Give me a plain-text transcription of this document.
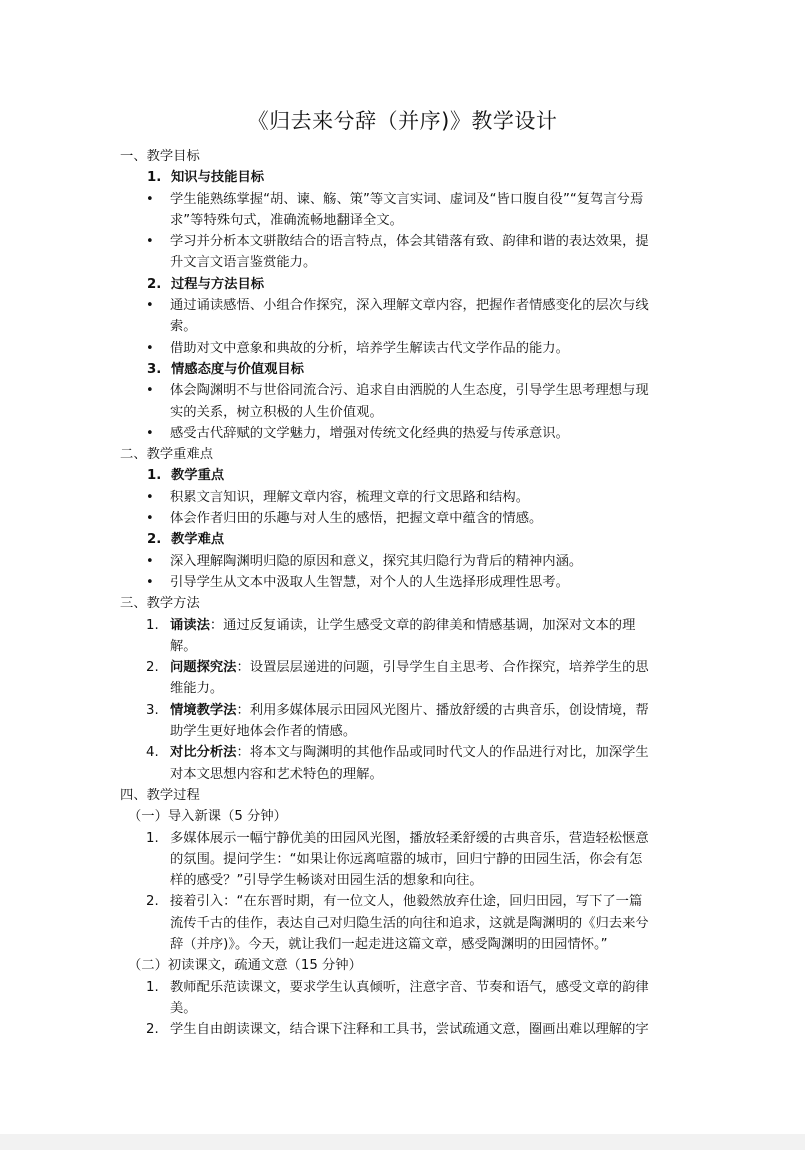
《归去来兮辞（并序)》教学设计
一、教学目标
1. 知识与技能目标
• 学生能熟练掌握“胡、谏、觞、策”等文言实词、虚词及“皆口腹自役”“复驾言兮焉
求”等特殊句式，准确流畅地翻译全文。
• 学习并分析本文骈散结合的语言特点，体会其错落有致、韵律和谐的表达效果，提
升文言文语言鉴赏能力。
2. 过程与方法目标
• 通过诵读感悟、小组合作探究，深入理解文章内容，把握作者情感变化的层次与线
索。
• 借助对文中意象和典故的分析，培养学生解读古代文学作品的能力。
3. 情感态度与价值观目标
• 体会陶渊明不与世俗同流合污、追求自由洒脱的人生态度，引导学生思考理想与现
实的关系，树立积极的人生价值观。
• 感受古代辞赋的文学魅力，增强对传统文化经典的热爱与传承意识。
二、教学重难点
1. 教学重点
• 积累文言知识，理解文章内容，梳理文章的行文思路和结构。
• 体会作者归田的乐趣与对人生的感悟，把握文章中蕴含的情感。
2. 教学难点
• 深入理解陶渊明归隐的原因和意义，探究其归隐行为背后的精神内涵。
• 引导学生从文本中汲取人生智慧，对个人的人生选择形成理性思考。
三、教学方法
1. 诵读法：通过反复诵读，让学生感受文章的韵律美和情感基调，加深对文本的理
解。
2. 问题探究法：设置层层递进的问题，引导学生自主思考、合作探究，培养学生的思
维能力。
3. 情境教学法：利用多媒体展示田园风光图片、播放舒缓的古典音乐，创设情境，帮
助学生更好地体会作者的情感。
4. 对比分析法：将本文与陶渊明的其他作品或同时代文人的作品进行对比，加深学生
对本文思想内容和艺术特色的理解。
四、教学过程
（一）导入新课（5 分钟）
1. 多媒体展示一幅宁静优美的田园风光图，播放轻柔舒缓的古典音乐，营造轻松惬意
的氛围。提问学生：“如果让你远离喧嚣的城市，回归宁静的田园生活，你会有怎
样的感受？”引导学生畅谈对田园生活的想象和向往。
2. 接着引入：“在东晋时期，有一位文人，他毅然放弃仕途，回归田园，写下了一篇
流传千古的佳作，表达自己对归隐生活的向往和追求，这就是陶渊明的《归去来兮
辞（并序)》。今天，就让我们一起走进这篇文章，感受陶渊明的田园情怀。”
（二）初读课文，疏通文意（15 分钟）
1. 教师配乐范读课文，要求学生认真倾听，注意字音、节奏和语气，感受文章的韵律
美。
2. 学生自由朗读课文，结合课下注释和工具书，尝试疏通文意，圈画出难以理解的字
